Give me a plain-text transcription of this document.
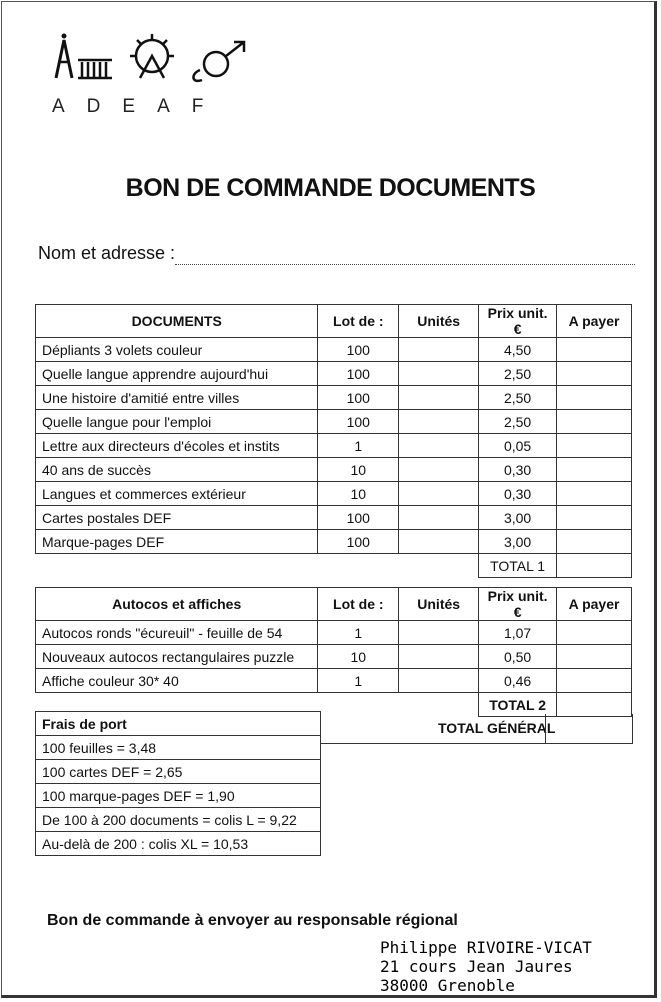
ADEAF
BON DE COMMANDE DOCUMENTS
Nom et adresse :
DOCUMENTS	Lot de :	Unités	Prix unit. €	A payer
Dépliants 3 volets couleur	100		4,50	
Quelle langue apprendre aujourd'hui	100		2,50	
Une histoire d'amitié entre villes	100		2,50	
Quelle langue pour l'emploi	100		2,50	
Lettre aux directeurs d'écoles et instits	1		0,05	
40 ans de succès	10		0,30	
Langues et commerces extérieur	10		0,30	
Cartes postales DEF	100		3,00	
Marque-pages DEF	100		3,00	
			TOTAL 1	
Autocos et affiches	Lot de :	Unités	Prix unit. €	A payer
Autocos ronds "écureuil" - feuille de 54	1		1,07	
Nouveaux autocos rectangulaires puzzle	10		0,50	
Affiche couleur 30* 40	1		0,46	
			TOTAL 2	
TOTAL GÉNÉRAL
Frais de port
100 feuilles = 3,48
100 cartes DEF = 2,65
100 marque-pages DEF = 1,90
De 100 à 200 documents = colis L = 9,22
Au-delà de 200 : colis XL = 10,53
Bon de commande à envoyer au responsable régional
Philippe RIVOIRE-VICAT
21 cours Jean Jaures
38000 Grenoble
